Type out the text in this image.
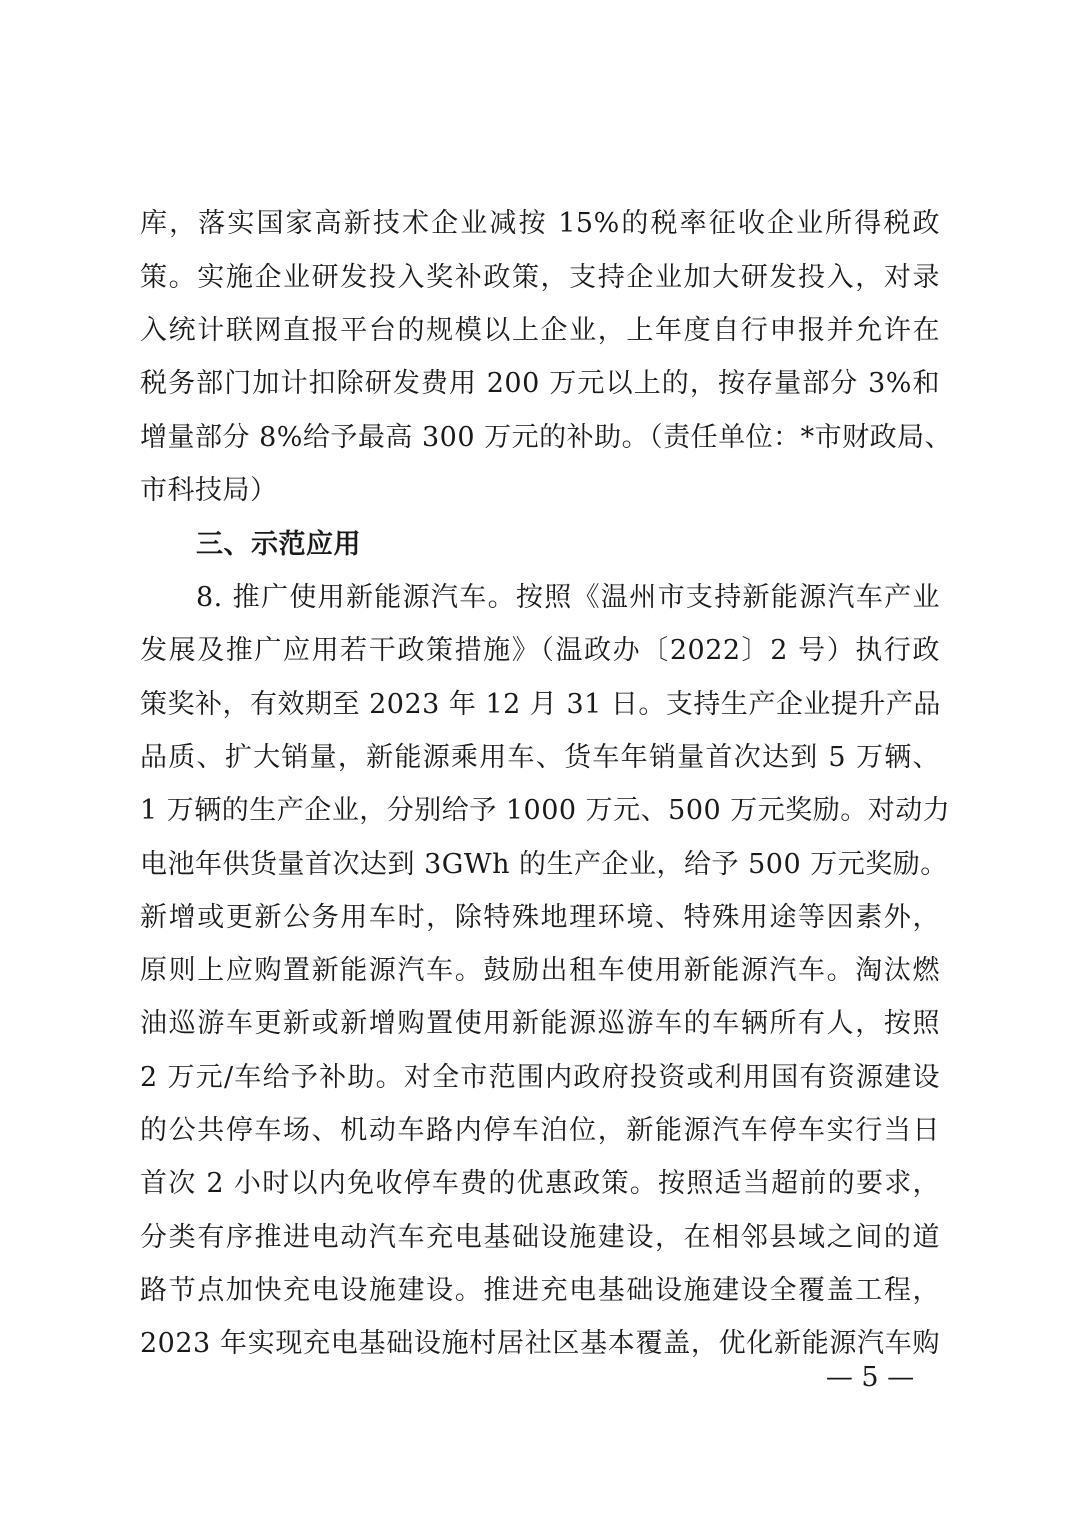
库，落实国家高新技术企业减按 15%的税率征收企业所得税政
策。实施企业研发投入奖补政策，支持企业加大研发投入，对录
入统计联网直报平台的规模以上企业，上年度自行申报并允许在
税务部门加计扣除研发费用 200 万元以上的，按存量部分 3%和
增量部分 8%给予最高 300 万元的补助。（责任单位：*市财政局、
市科技局）
三、示范应用
8. 推广使用新能源汽车。按照《温州市支持新能源汽车产业
发展及推广应用若干政策措施》（温政办〔2022〕2 号）执行政
策奖补，有效期至 2023 年 12 月 31 日。支持生产企业提升产品
品质、扩大销量，新能源乘用车、货车年销量首次达到 5 万辆、
1 万辆的生产企业，分别给予 1000 万元、500 万元奖励。对动力
电池年供货量首次达到 3GWh 的生产企业，给予 500 万元奖励。
新增或更新公务用车时，除特殊地理环境、特殊用途等因素外，
原则上应购置新能源汽车。鼓励出租车使用新能源汽车。淘汰燃
油巡游车更新或新增购置使用新能源巡游车的车辆所有人，按照
2 万元/车给予补助。对全市范围内政府投资或利用国有资源建设
的公共停车场、机动车路内停车泊位，新能源汽车停车实行当日
首次 2 小时以内免收停车费的优惠政策。按照适当超前的要求，
分类有序推进电动汽车充电基础设施建设，在相邻县域之间的道
路节点加快充电设施建设。推进充电基础设施建设全覆盖工程，
2023 年实现充电基础设施村居社区基本覆盖，优化新能源汽车购
— 5 —
